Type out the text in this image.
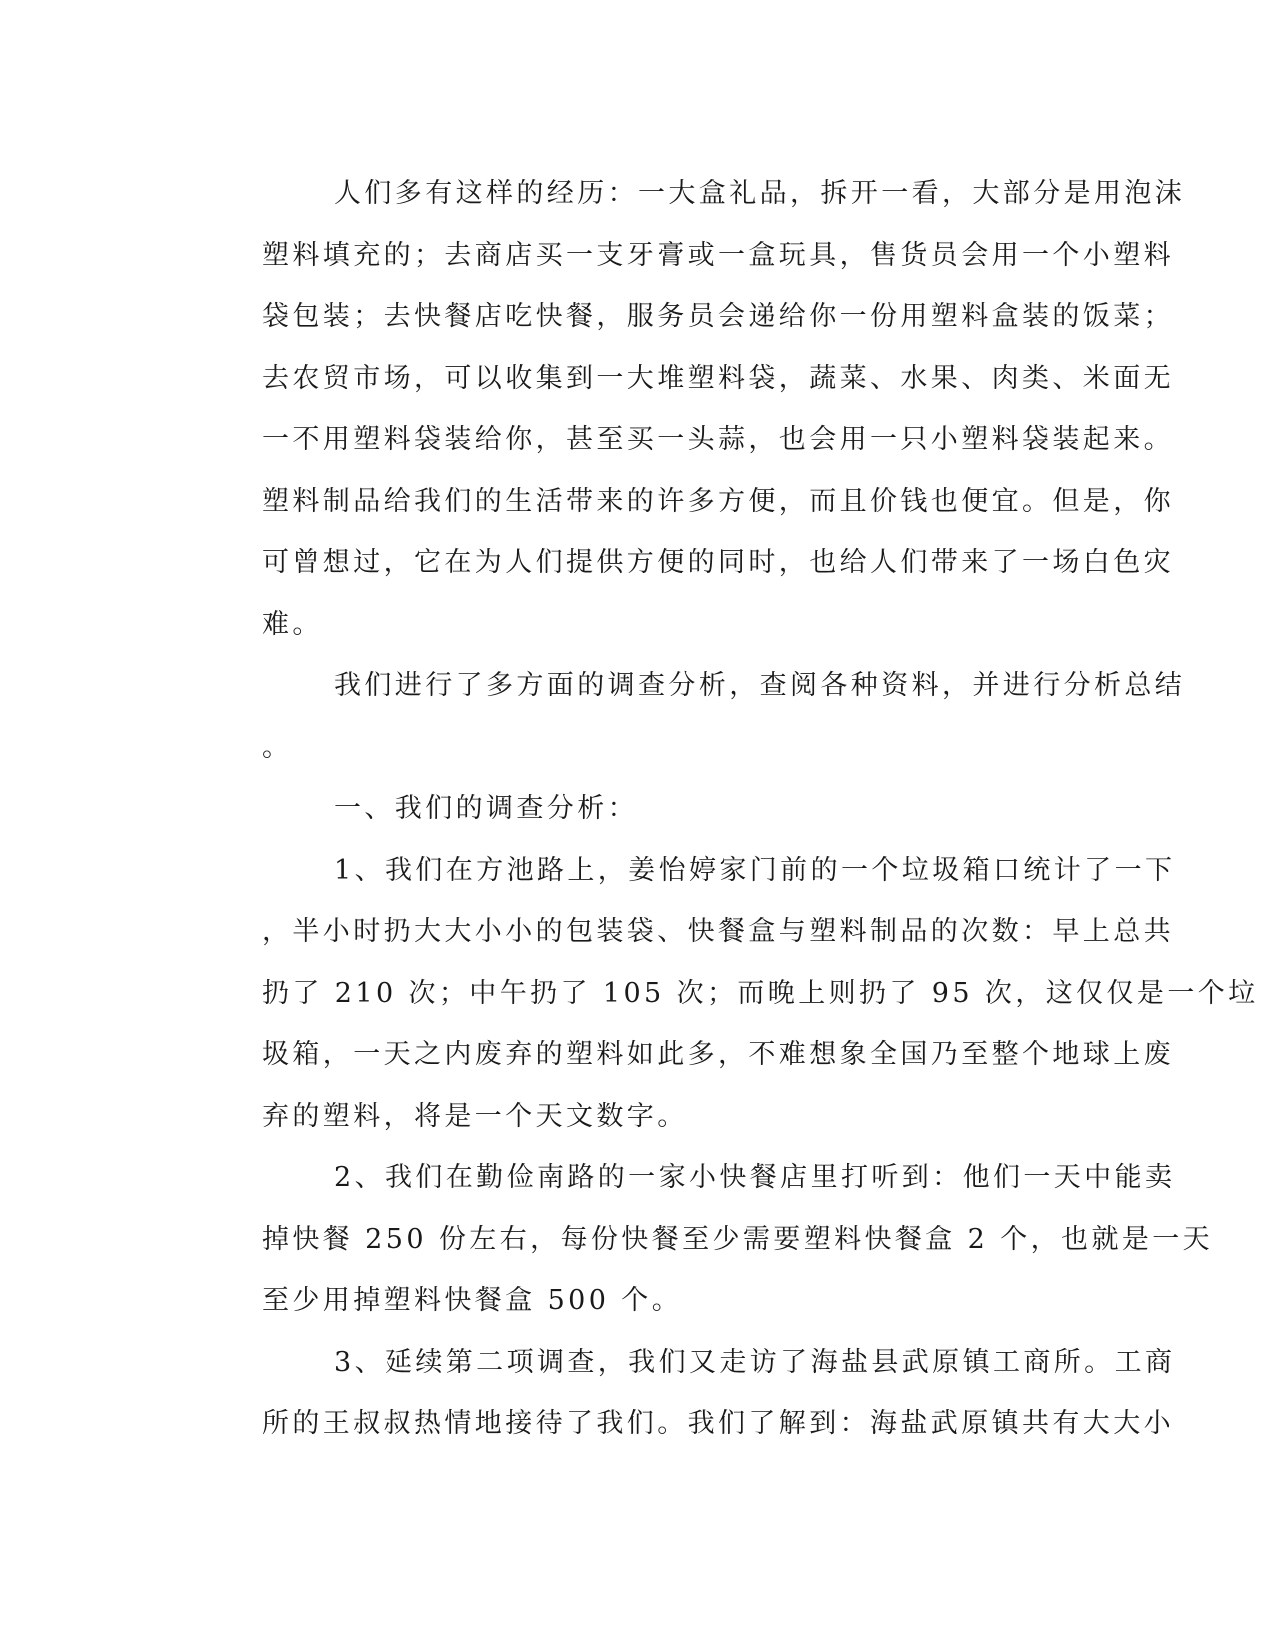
人们多有这样的经历：一大盒礼品，拆开一看，大部分是用泡沫
塑料填充的；去商店买一支牙膏或一盒玩具，售货员会用一个小塑料
袋包装；去快餐店吃快餐，服务员会递给你一份用塑料盒装的饭菜；
去农贸市场，可以收集到一大堆塑料袋，蔬菜、水果、肉类、米面无
一不用塑料袋装给你，甚至买一头蒜，也会用一只小塑料袋装起来。
塑料制品给我们的生活带来的许多方便，而且价钱也便宜。但是，你
可曾想过，它在为人们提供方便的同时，也给人们带来了一场白色灾
难。
我们进行了多方面的调查分析，查阅各种资料，并进行分析总结
。
一、我们的调查分析：
1、我们在方池路上，姜怡婷家门前的一个垃圾箱口统计了一下
，半小时扔大大小小的包装袋、快餐盒与塑料制品的次数：早上总共
扔了 210 次；中午扔了 105 次；而晚上则扔了 95 次，这仅仅是一个垃
圾箱，一天之内废弃的塑料如此多，不难想象全国乃至整个地球上废
弃的塑料，将是一个天文数字。
2、我们在勤俭南路的一家小快餐店里打听到：他们一天中能卖
掉快餐 250 份左右，每份快餐至少需要塑料快餐盒 2 个，也就是一天
至少用掉塑料快餐盒 500 个。
3、延续第二项调查，我们又走访了海盐县武原镇工商所。工商
所的王叔叔热情地接待了我们。我们了解到：海盐武原镇共有大大小
